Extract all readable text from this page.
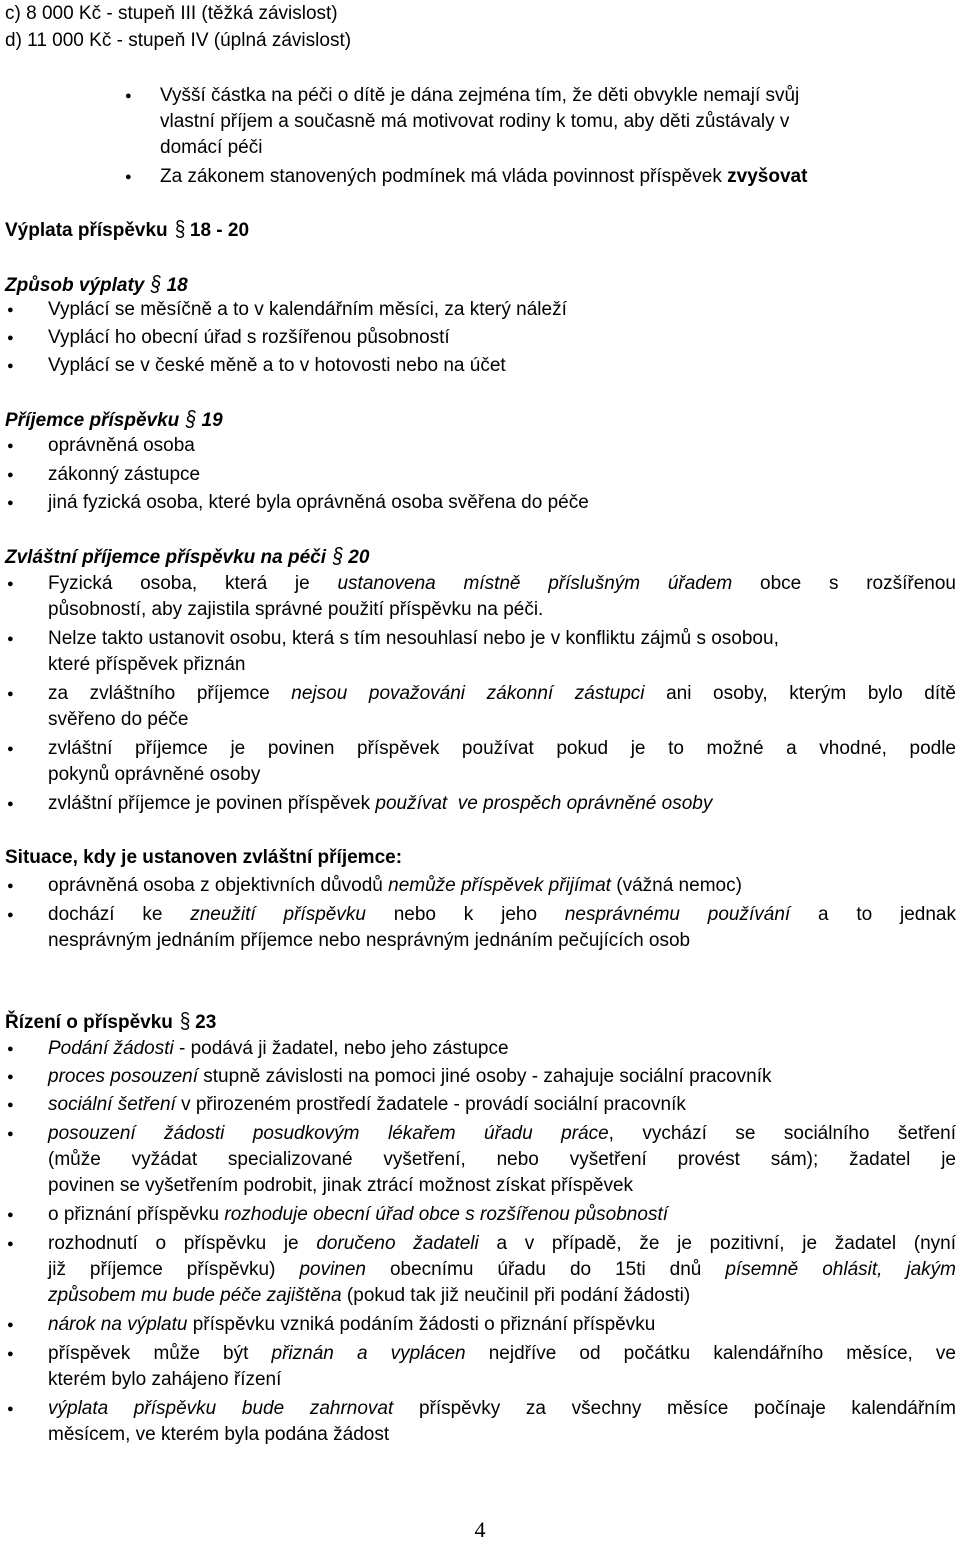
c) 8 000 Kč - stupeň III (těžká závislost)
d) 11 000 Kč - stupeň IV (úplná závislost)
●
Vyšší částka na péči o dítě je dána zejména tím, že děti obvykle nemají svůj
vlastní příjem a současně má motivovat rodiny k tomu, aby děti zůstávaly v
domácí péči
●
Za zákonem stanovených podmínek má vláda povinnost příspěvek zvyšovat
Výplata příspěvku § 18 - 20
Způsob výplaty § 18
●
Vyplácí se měsíčně a to v kalendářním měsíci, za který náleží
●
Vyplácí ho obecní úřad s rozšířenou působností
●
Vyplácí se v české měně a to v hotovosti nebo na účet
Příjemce příspěvku § 19
●
oprávněná osoba
●
zákonný zástupce
●
jiná fyzická osoba, které byla oprávněná osoba svěřena do péče
Zvláštní příjemce příspěvku na péči § 20
●
Fyzická osoba, která je ustanovena místně příslušným úřadem obce s rozšířenou
působností, aby zajistila správné použití příspěvku na péči.
●
Nelze takto ustanovit osobu, která s tím nesouhlasí nebo je v konfliktu zájmů s osobou,
které příspěvek přiznán
●
za zvláštního příjemce nejsou považováni zákonní zástupci ani osoby, kterým bylo dítě
svěřeno do péče
●
zvláštní příjemce je povinen příspěvek používat pokud je to možné a vhodné, podle
pokynů oprávněné osoby
●
zvláštní příjemce je povinen příspěvek používat ve prospěch oprávněné osoby
Situace, kdy je ustanoven zvláštní příjemce:
●
oprávněná osoba z objektivních důvodů nemůže příspěvek přijímat (vážná nemoc)
●
dochází ke zneužití příspěvku nebo k jeho nesprávnému používání a to jednak
nesprávným jednáním příjemce nebo nesprávným jednáním pečujících osob
Řízení o příspěvku § 23
●
Podání žádosti - podává ji žadatel, nebo jeho zástupce
●
proces posouzení stupně závislosti na pomoci jiné osoby - zahajuje sociální pracovník
●
sociální šetření v přirozeném prostředí žadatele - provádí sociální pracovník
●
posouzení žádosti posudkovým lékařem úřadu práce, vychází se sociálního šetření
(může vyžádat specializované vyšetření, nebo vyšetření provést sám); žadatel je
povinen se vyšetřením podrobit, jinak ztrácí možnost získat příspěvek
●
o přiznání příspěvku rozhoduje obecní úřad obce s rozšířenou působností
●
rozhodnutí o příspěvku je doručeno žadateli a v případě, že je pozitivní, je žadatel (nyní
již příjemce příspěvku) povinen obecnímu úřadu do 15ti dnů písemně ohlásit, jakým
způsobem mu bude péče zajištěna (pokud tak již neučinil při podání žádosti)
●
nárok na výplatu příspěvku vzniká podáním žádosti o přiznání příspěvku
●
příspěvek může být přiznán a vyplácen nejdříve od počátku kalendářního měsíce, ve
kterém bylo zahájeno řízení
●
výplata příspěvku bude zahrnovat příspěvky za všechny měsíce počínaje kalendářním
měsícem, ve kterém byla podána žádost
4
